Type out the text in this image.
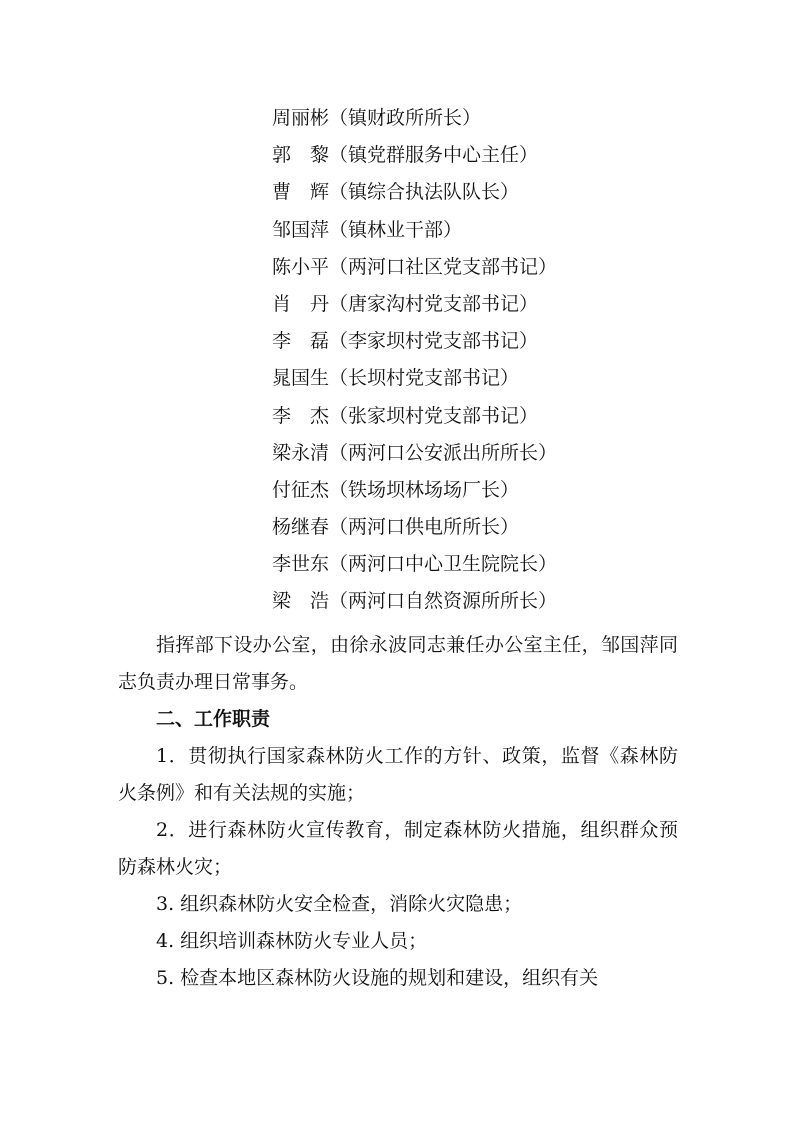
周丽彬（镇财政所所长）
郭　黎（镇党群服务中心主任）
曹　辉（镇综合执法队队长）
邹国萍（镇林业干部）
陈小平（两河口社区党支部书记）
肖　丹（唐家沟村党支部书记）
李　磊（李家坝村党支部书记）
晁国生（长坝村党支部书记）
李　杰（张家坝村党支部书记）
梁永清（两河口公安派出所所长）
付征杰（铁场坝林场场厂长）
杨继春（两河口供电所所长）
李世东（两河口中心卫生院院长）
梁　浩（两河口自然资源所所长）

指挥部下设办公室，由徐永波同志兼任办公室主任，邹国萍同志负责办理日常事务。

二、工作职责

1．贯彻执行国家森林防火工作的方针、政策，监督《森林防火条例》和有关法规的实施；

2．进行森林防火宣传教育，制定森林防火措施，组织群众预防森林火灾；

3. 组织森林防火安全检查，消除火灾隐患；

4. 组织培训森林防火专业人员；

5. 检查本地区森林防火设施的规划和建设，组织有关
